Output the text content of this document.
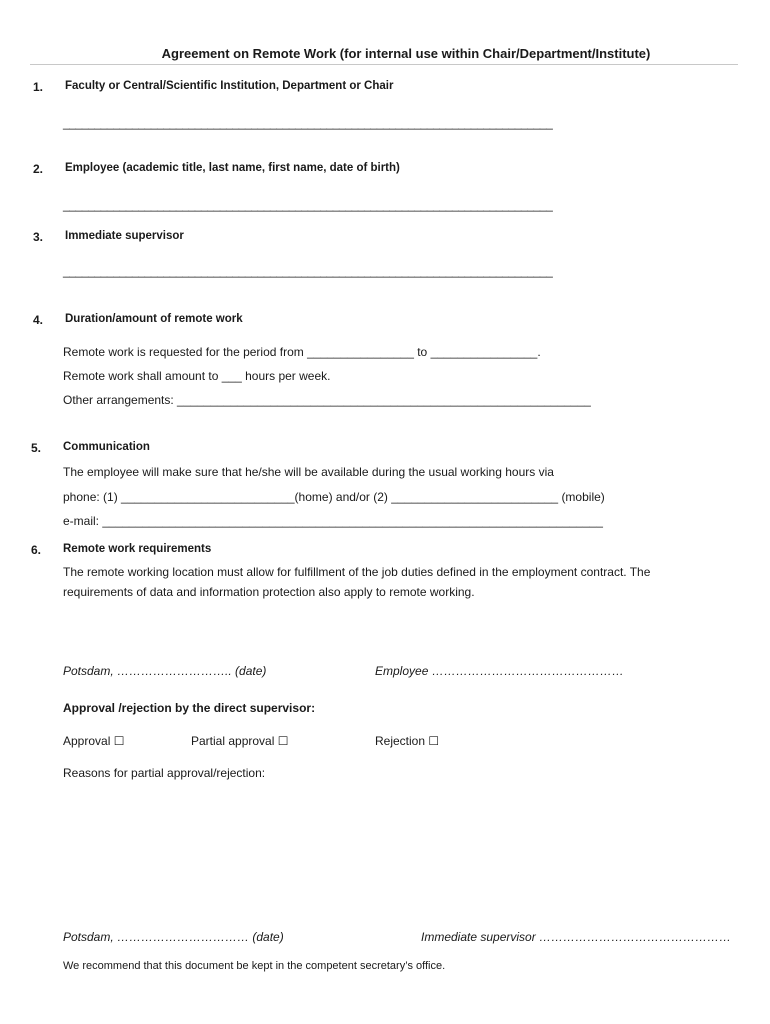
Agreement on Remote Work (for internal use within Chair/Department/Institute)
1. Faculty or Central/Scientific Institution, Department or Chair
______________________________________________________________________________
2. Employee (academic title, last name, first name, date of birth)
______________________________________________________________________________
3. Immediate supervisor
______________________________________________________________________________
4. Duration/amount of remote work
Remote work is requested for the period from ________________ to ________________.
Remote work shall amount to ___ hours per week.
Other arrangements: ______________________________________________________________
5. Communication
The employee will make sure that he/she will be available during the usual working hours via
phone: (1) __________________________(home) and/or (2) _________________________ (mobile)
e-mail: ___________________________________________________________________________
6. Remote work requirements
The remote working location must allow for fulfillment of the job duties defined in the employment contract. The
requirements of data and information protection also apply to remote working.
Potsdam, ……………………….. (date)	Employee …………………………………………
Approval /rejection by the direct supervisor:
Approval ☐	Partial approval ☐	Rejection ☐
Reasons for partial approval/rejection:
Potsdam, …………………………… (date)	Immediate supervisor …………………………………………
We recommend that this document be kept in the competent secretary’s office.
